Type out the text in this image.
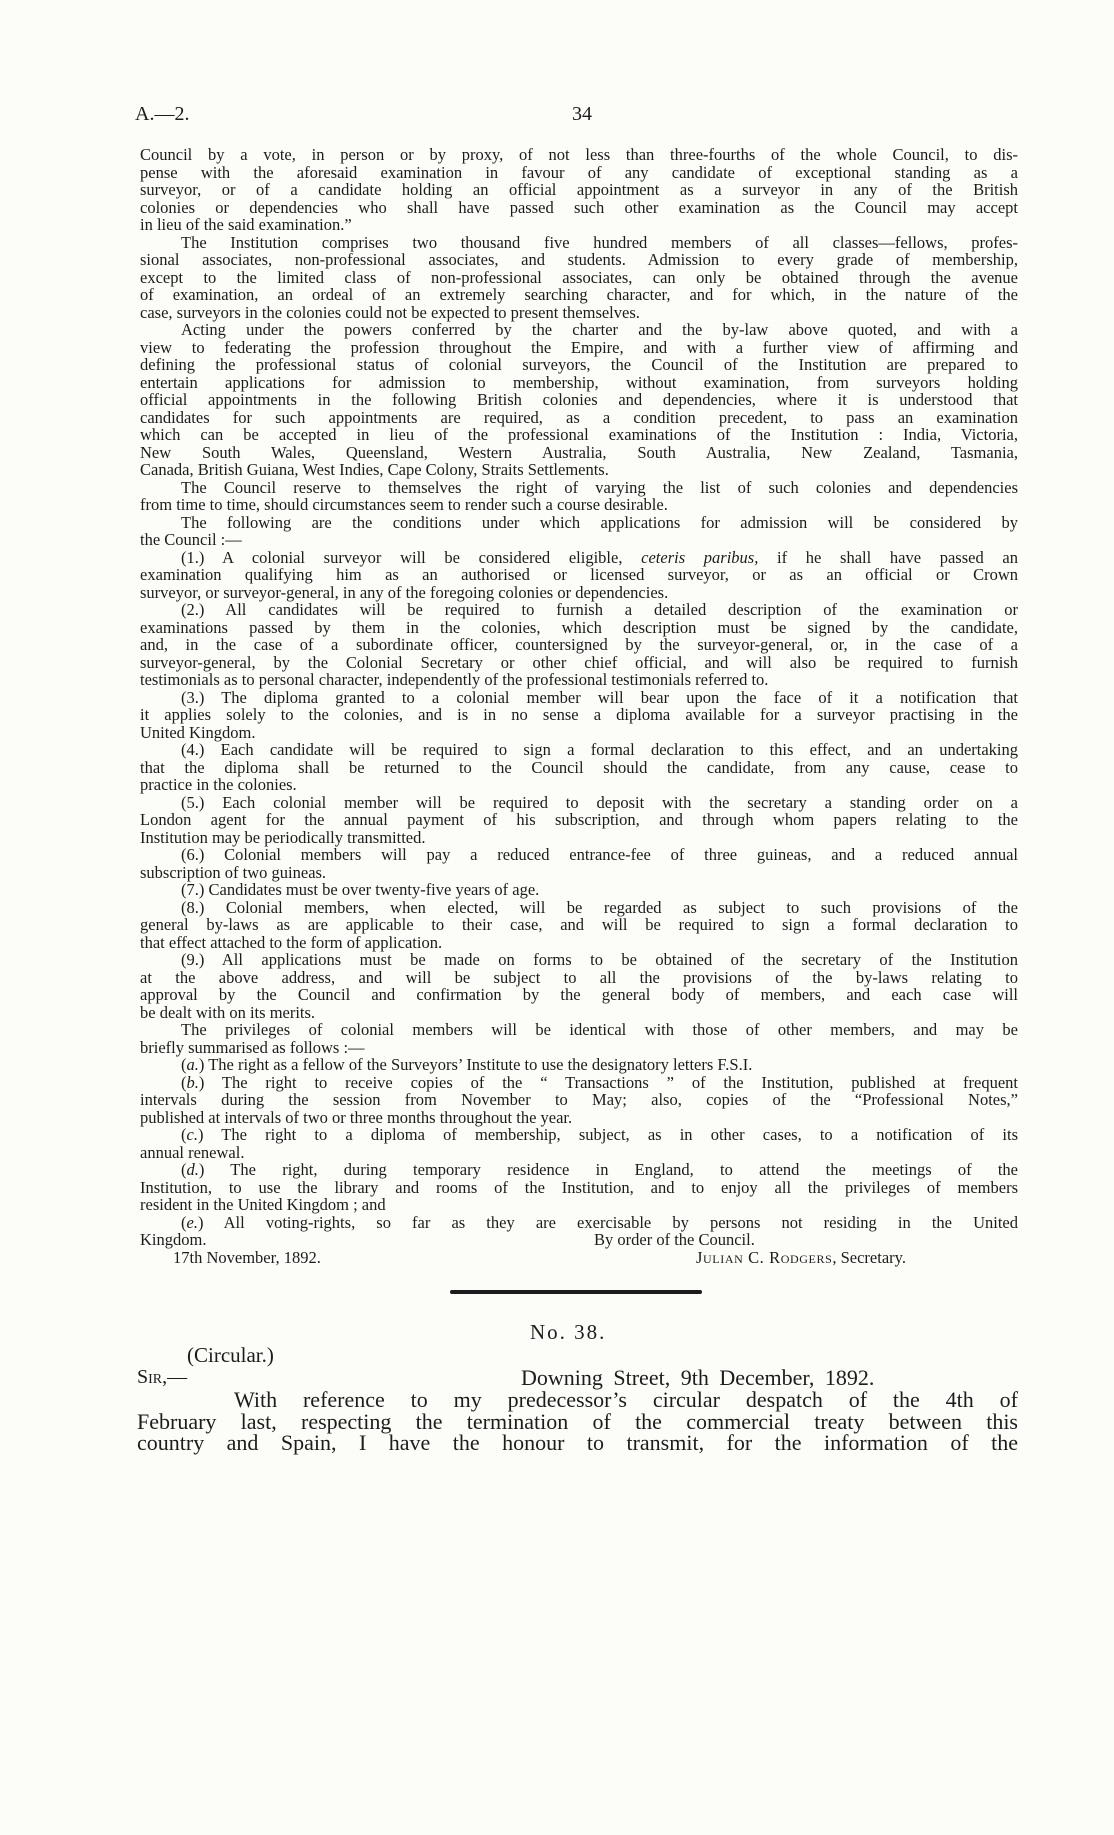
A.—2.	34
Council by a vote, in person or by proxy, of not less than three-fourths of the whole Council, to dis-
pense with the aforesaid examination in favour of any candidate of exceptional standing as a
surveyor, or of a candidate holding an official appointment as a surveyor in any of the British
colonies or dependencies who shall have passed such other examination as the Council may accept
in lieu of the said examination.”
The Institution comprises two thousand five hundred members of all classes—fellows, profes-
sional associates, non-professional associates, and students. Admission to every grade of membership,
except to the limited class of non-professional associates, can only be obtained through the avenue
of examination, an ordeal of an extremely searching character, and for which, in the nature of the
case, surveyors in the colonies could not be expected to present themselves.
Acting under the powers conferred by the charter and the by-law above quoted, and with a
view to federating the profession throughout the Empire, and with a further view of affirming and
defining the professional status of colonial surveyors, the Council of the Institution are prepared to
entertain applications for admission to membership, without examination, from surveyors holding
official appointments in the following British colonies and dependencies, where it is understood that
candidates for such appointments are required, as a condition precedent, to pass an examination
which can be accepted in lieu of the professional examinations of the Institution : India, Victoria,
New South Wales, Queensland, Western Australia, South Australia, New Zealand, Tasmania,
Canada, British Guiana, West Indies, Cape Colony, Straits Settlements.
The Council reserve to themselves the right of varying the list of such colonies and dependencies
from time to time, should circumstances seem to render such a course desirable.
The following are the conditions under which applications for admission will be considered by
the Council :—
(1.) A colonial surveyor will be considered eligible, ceteris paribus, if he shall have passed an
examination qualifying him as an authorised or licensed surveyor, or as an official or Crown
surveyor, or surveyor-general, in any of the foregoing colonies or dependencies.
(2.) All candidates will be required to furnish a detailed description of the examination or
examinations passed by them in the colonies, which description must be signed by the candidate,
and, in the case of a subordinate officer, countersigned by the surveyor-general, or, in the case of a
surveyor-general, by the Colonial Secretary or other chief official, and will also be required to furnish
testimonials as to personal character, independently of the professional testimonials referred to.
(3.) The diploma granted to a colonial member will bear upon the face of it a notification that
it applies solely to the colonies, and is in no sense a diploma available for a surveyor practising in the
United Kingdom.
(4.) Each candidate will be required to sign a formal declaration to this effect, and an undertaking
that the diploma shall be returned to the Council should the candidate, from any cause, cease to
practice in the colonies.
(5.) Each colonial member will be required to deposit with the secretary a standing order on a
London agent for the annual payment of his subscription, and through whom papers relating to the
Institution may be periodically transmitted.
(6.) Colonial members will pay a reduced entrance-fee of three guineas, and a reduced annual
subscription of two guineas.
(7.) Candidates must be over twenty-five years of age.
(8.) Colonial members, when elected, will be regarded as subject to such provisions of the
general by-laws as are applicable to their case, and will be required to sign a formal declaration to
that effect attached to the form of application.
(9.) All applications must be made on forms to be obtained of the secretary of the Institution
at the above address, and will be subject to all the provisions of the by-laws relating to
approval by the Council and confirmation by the general body of members, and each case will
be dealt with on its merits.
The privileges of colonial members will be identical with those of other members, and may be
briefly summarised as follows :—
(a.) The right as a fellow of the Surveyors’ Institute to use the designatory letters F.S.I.
(b.) The right to receive copies of the “ Transactions ” of the Institution, published at frequent
intervals during the session from November to May; also, copies of the “Professional Notes,”
published at intervals of two or three months throughout the year.
(c.) The right to a diploma of membership, subject, as in other cases, to a notification of its
annual renewal.
(d.) The right, during temporary residence in England, to attend the meetings of the
Institution, to use the library and rooms of the Institution, and to enjoy all the privileges of members
resident in the United Kingdom ; and
(e.) All voting-rights, so far as they are exercisable by persons not residing in the United
Kingdom.	By order of the Council.
17th November, 1892.	Julian C. Rodgers, Secretary.
No. 38.
(Circular.)
Sir,—	Downing Street, 9th December, 1892.
With reference to my predecessor’s circular despatch of the 4th of
February last, respecting the termination of the commercial treaty between this
country and Spain, I have the honour to transmit, for the information of the
